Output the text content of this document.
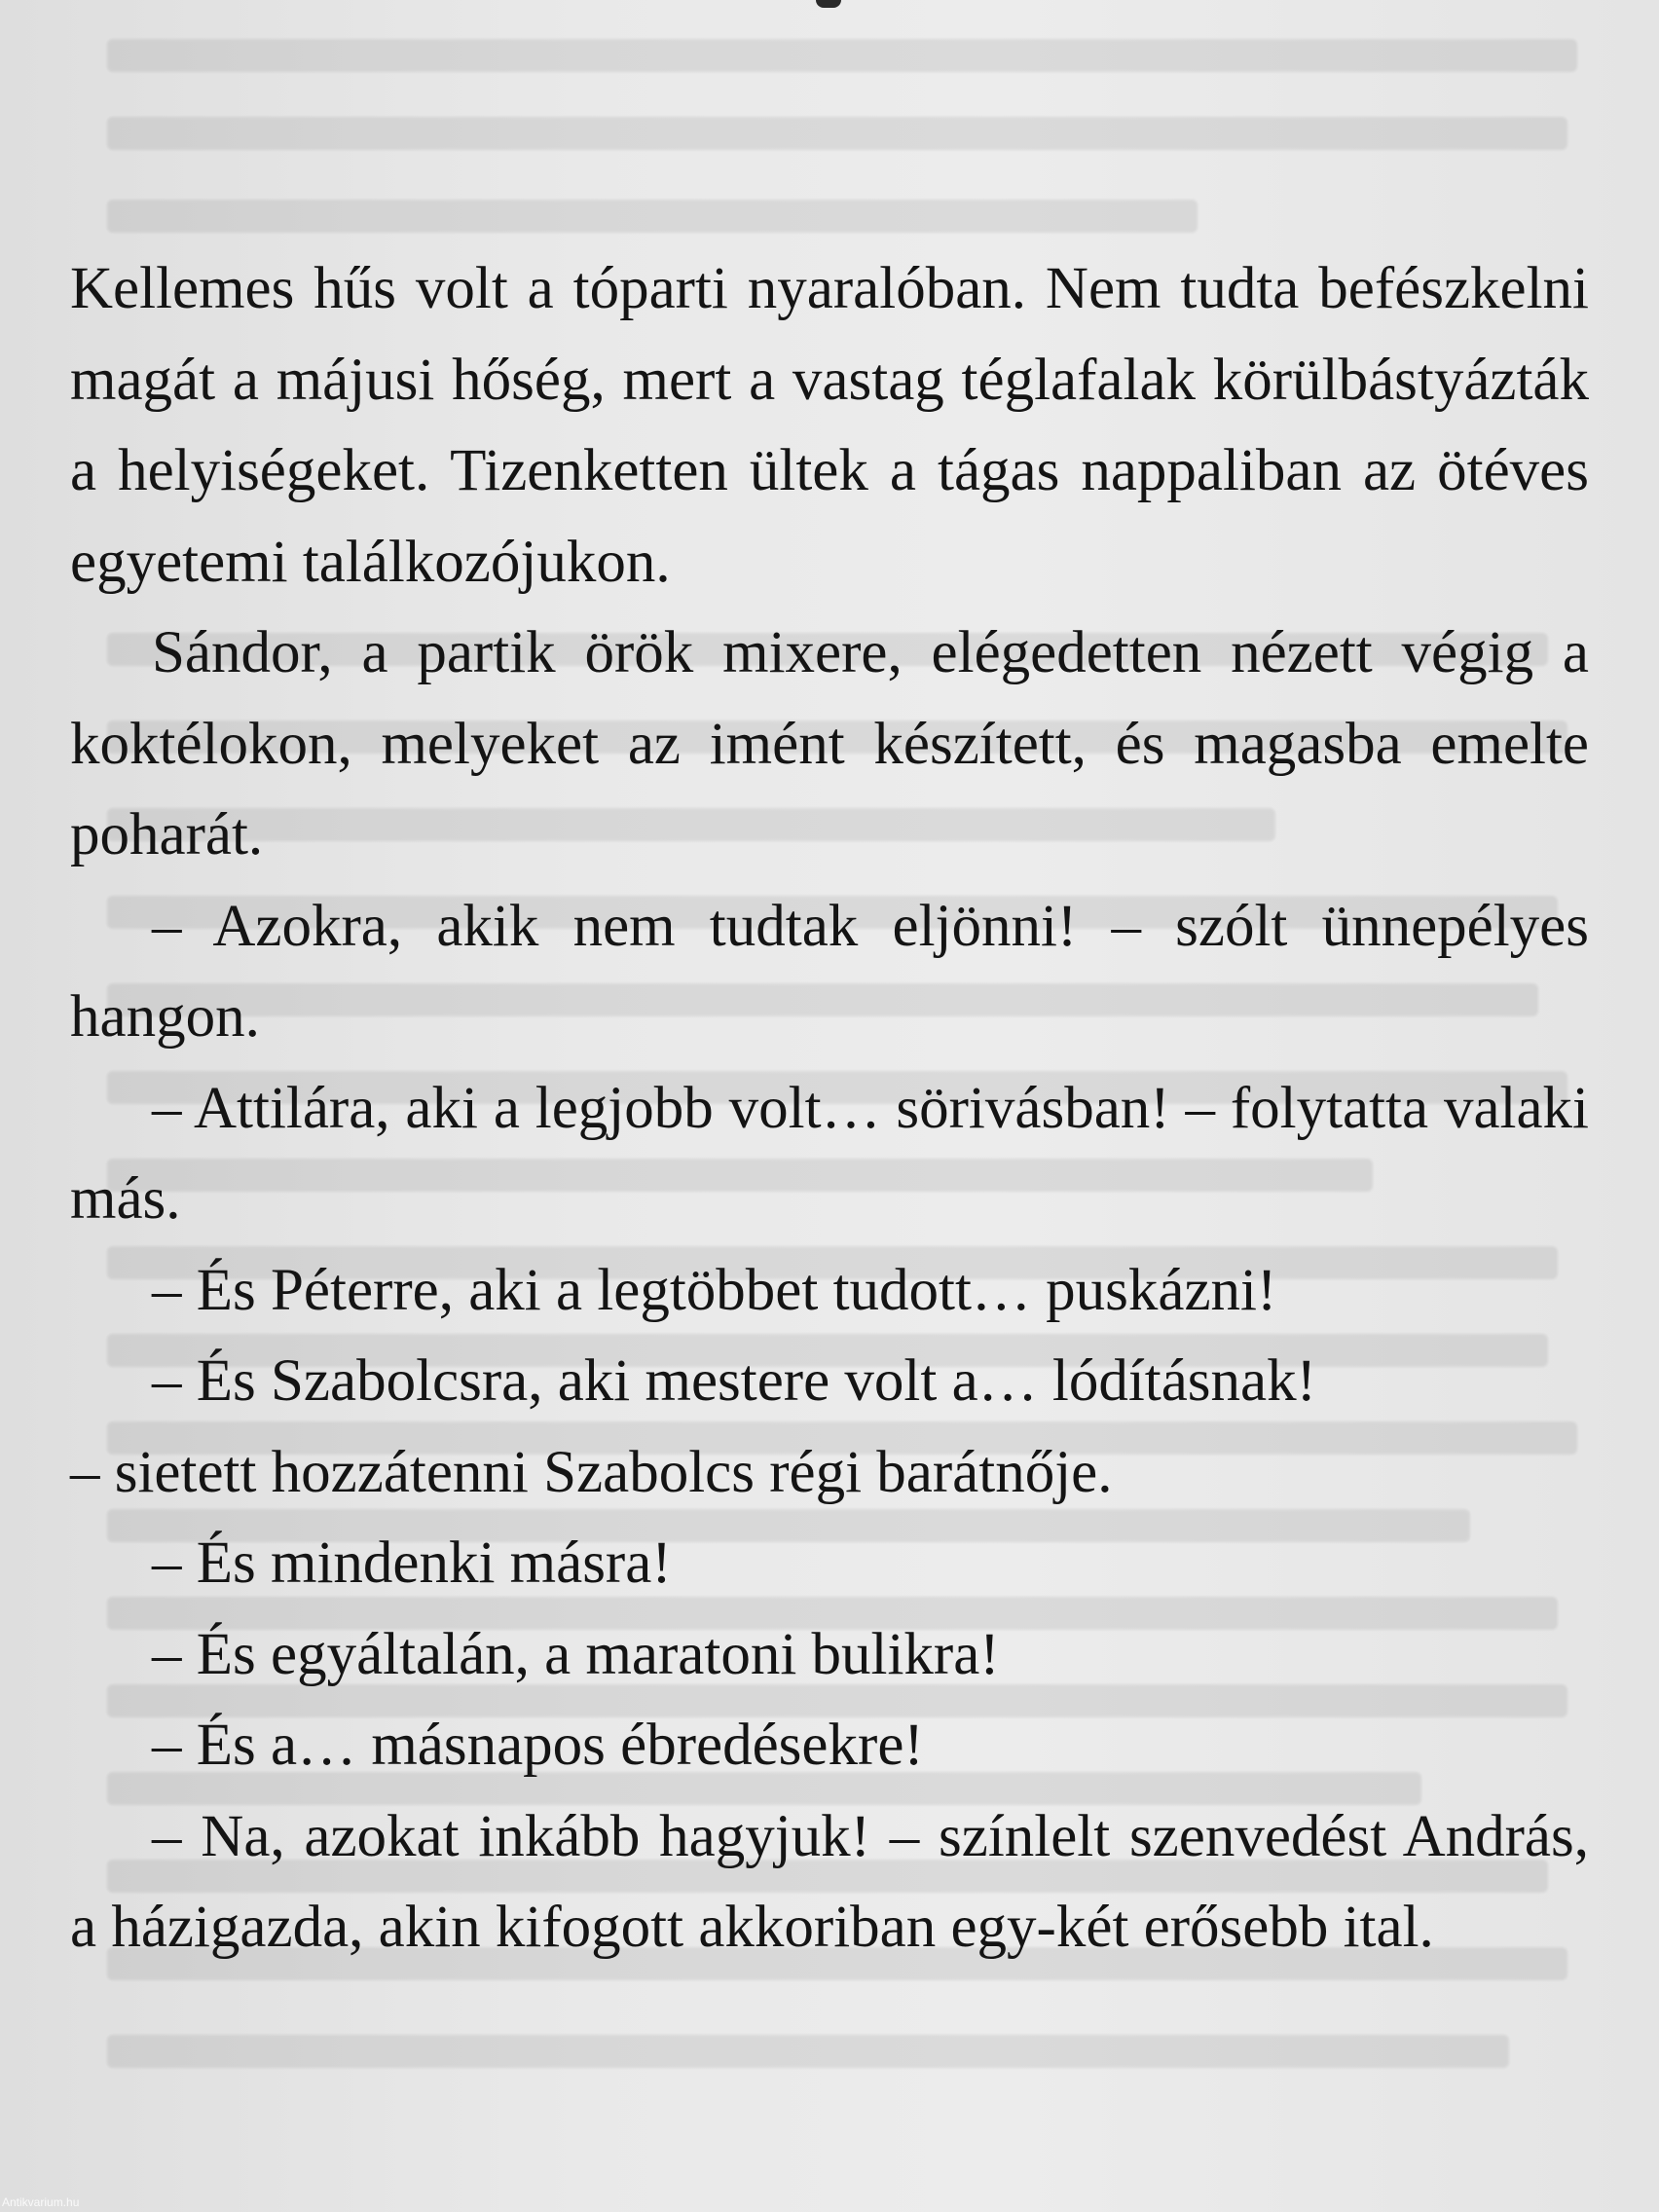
Kellemes hűs volt a tóparti nyaralóban. Nem tudta befészkelni magát a májusi hőség, mert a vastag téglafalak körülbástyázták a helyiségeket. Tizenketten ültek a tágas nappaliban az ötéves egyetemi találkozójukon.

Sándor, a partik örök mixere, elégedetten nézett végig a koktélokon, melyeket az imént készített, és magasba emelte poharát.

– Azokra, akik nem tudtak eljönni! – szólt ünnepélyes hangon.

– Attilára, aki a legjobb volt… sörivásban! – folytatta valaki más.

– És Péterre, aki a legtöbbet tudott… puskázni!

– És Szabolcsra, aki mestere volt a… lódításnak!

– sietett hozzátenni Szabolcs régi barátnője.

– És mindenki másra!

– És egyáltalán, a maratoni bulikra!

– És a… másnapos ébredésekre!

– Na, azokat inkább hagyjuk! – színlelt szenvedést András, a házigazda, akin kifogott akkoriban egy-két erősebb ital.

Antikvarium.hu
